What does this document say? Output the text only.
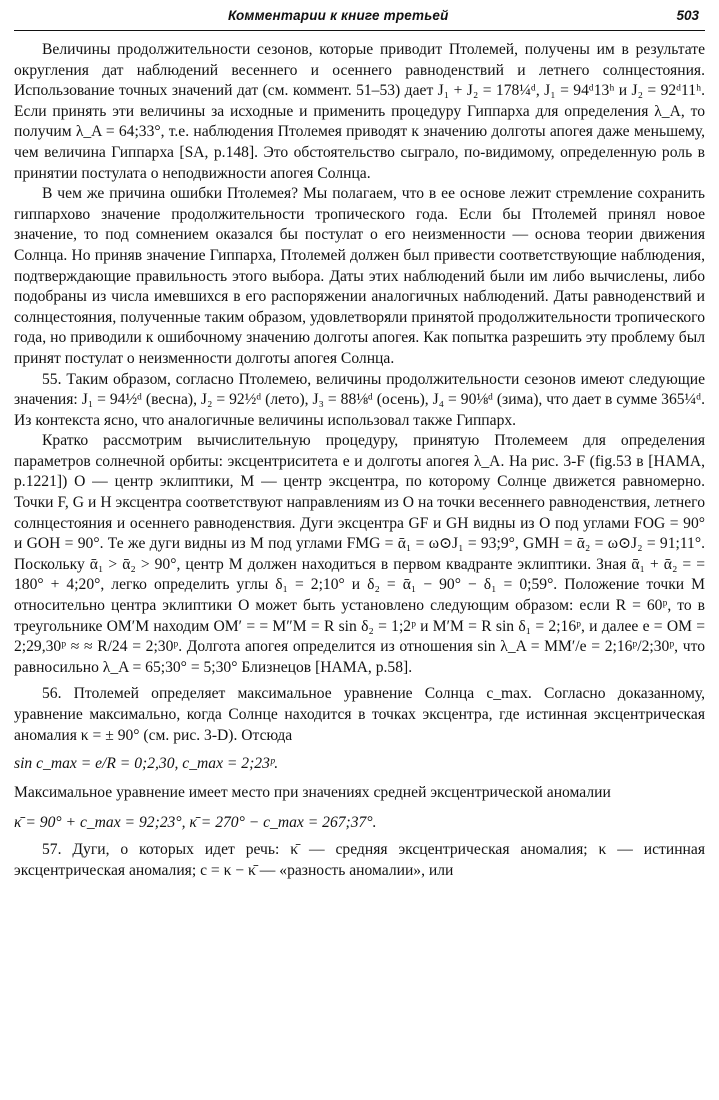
Комментарии к книге третьей	503

Величины продолжительности сезонов, которые приводит Птолемей, получены им в результате округления дат наблюдений весеннего и осеннего равноденствий и летнего солнцестояния. Использование точных значений дат (см. коммент. 51–53) дает J₁ + J₂ = 178¼ᵈ, J₁ = 94ᵈ13ʰ и J₂ = 92ᵈ11ʰ. Если принять эти величины за исходные и применить процедуру Гиппарха для определения λ_A, то получим λ_A = 64;33°, т.е. наблюдения Птолемея приводят к значению долготы апогея даже меньшему, чем величина Гиппарха [SA, p.148]. Это обстоятельство сыграло, по-видимому, определенную роль в принятии постулата о неподвижности апогея Солнца.

В чем же причина ошибки Птолемея? Мы полагаем, что в ее основе лежит стремление сохранить гиппархово значение продолжительности тропического года. Если бы Птолемей принял новое значение, то под сомнением оказался бы постулат о его неизменности — основа теории движения Солнца. Но приняв значение Гиппарха, Птолемей должен был привести соответствующие наблюдения, подтверждающие правильность этого выбора. Даты этих наблюдений были им либо вычислены, либо подобраны из числа имевшихся в его распоряжении аналогичных наблюдений. Даты равноденствий и солнцестояния, полученные таким образом, удовлетворяли принятой продолжительности тропического года, но приводили к ошибочному значению долготы апогея. Как попытка разрешить эту проблему был принят постулат о неизменности долготы апогея Солнца.

55. Таким образом, согласно Птолемею, величины продолжительности сезонов имеют следующие значения: J₁ = 94½ᵈ (весна), J₂ = 92½ᵈ (лето), J₃ = 88⅛ᵈ (осень), J₄ = 90⅛ᵈ (зима), что дает в сумме 365¼ᵈ. Из контекста ясно, что аналогичные величины использовал также Гиппарх.

Кратко рассмотрим вычислительную процедуру, принятую Птолемеем для определения параметров солнечной орбиты: эксцентриситета e и долготы апогея λ_A. На рис. 3-F (fig.53 в [HAMA, p.1221]) O — центр эклиптики, M — центр эксцентра, по которому Солнце движется равномерно. Точки F, G и H эксцентра соответствуют направлениям из O на точки весеннего равноденствия, летнего солнцестояния и осеннего равноденствия. Дуги эксцентра GF и GH видны из O под углами FOG = 90° и GOH = 90°. Те же дуги видны из M под углами FMG = ᾱ₁ = ω⊙J₁ = 93;9°, GMH = ᾱ₂ = ω⊙J₂ = 91;11°. Поскольку ᾱ₁ > ᾱ₂ > 90°, центр M должен находиться в первом квадранте эклиптики. Зная ᾱ₁ + ᾱ₂ = = 180° + 4;20°, легко определить углы δ₁ = 2;10° и δ₂ = ᾱ₁ − 90° − δ₁ = 0;59°. Положение точки M относительно центра эклиптики O может быть установлено следующим образом: если R = 60ᵖ, то в треугольнике OM′M находим OM′ = = M″M = R sin δ₂ = 1;2ᵖ и M′M = R sin δ₁ = 2;16ᵖ, и далее e = OM = 2;29,30ᵖ ≈ ≈ R/24 = 2;30ᵖ. Долгота апогея определится из отношения sin λ_A = MM′/e = 2;16ᵖ/2;30ᵖ, что равносильно λ_A = 65;30° = 5;30° Близнецов [HAMA, p.58].

56. Птолемей определяет максимальное уравнение Солнца c_max. Согласно доказанному, уравнение максимально, когда Солнце находится в точках эксцентра, где истинная эксцентрическая аномалия κ = ± 90° (см. рис. 3-D). Отсюда

sin c_max = e/R = 0;2,30, c_max = 2;23ᵖ.

Максимальное уравнение имеет место при значениях средней эксцентрической аномалии

κ̄ = 90° + c_max = 92;23°, κ̄ = 270° − c_max = 267;37°.

57. Дуги, о которых идет речь: κ̄ — средняя эксцентрическая аномалия; κ — истинная эксцентрическая аномалия; c = κ − κ̄ — «разность аномалии», или
